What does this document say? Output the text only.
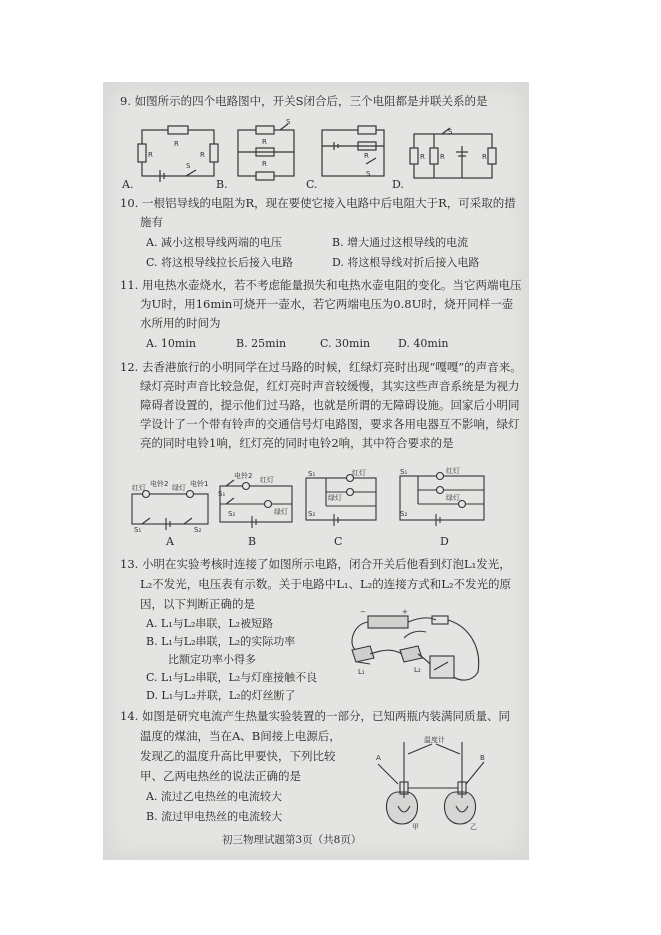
9. 如图所示的四个电路图中，开关S闭合后，三个电阻都是并联关系的是
R
R	R
S
A.
S
R
R
B.
R
S
C.
S
R R	R
D.
10. 一根铝导线的电阻为R，现在要使它接入电路中后电阻大于R，可采取的措
施有
A. 减小这根导线两端的电压	B. 增大通过这根导线的电流
C. 将这根导线拉长后接入电路	D. 将这根导线对折后接入电路
11. 用电热水壶烧水，若不考虑能量损失和电热水壶电阻的变化。当它两端电压
为U时，用16min可烧开一壶水，若它两端电压为0.8U时，烧开同样一壶
水所用的时间为
A. 10min	B. 25min	C. 30min	D. 40min
12. 去香港旅行的小明同学在过马路的时候，红绿灯亮时出现“嘎嘎”的声音来。
绿灯亮时声音比较急促，红灯亮时声音较缓慢，其实这些声音系统是为视力
障碍者设置的，提示他们过马路，也就是所谓的无障碍设施。回家后小明同
学设计了一个带有铃声的交通信号灯电路图，要求各用电器互不影响，绿灯
亮的同时电铃1响，红灯亮的同时电铃2响，其中符合要求的是
红灯 电铃2 绿灯 电铃1
S₁	S₂
A
电铃2 红灯
S₁
绿灯
S₂
B
S₁	红灯
绿灯
S₂
C
S₁	红灯
绿灯
S₂
D
13. 小明在实验考核时连接了如图所示电路，闭合开关后他看到灯泡L₁发光，
L₂不发光，电压表有示数。关于电路中L₁、L₂的连接方式和L₂不发光的原
因，以下判断正确的是
A. L₁与L₂串联，L₂被短路
B. L₁与L₂串联，L₂的实际功率
比额定功率小得多
C. L₁与L₂串联，L₂与灯座接触不良
D. L₁与L₂并联，L₂的灯丝断了
−	+
L₁	L₂
14. 如图是研究电流产生热量实验装置的一部分，已知两瓶内装满同质量、同
温度的煤油，当在A、B间接上电源后，
发现乙的温度升高比甲要快，下列比较
甲、乙两电热丝的说法正确的是
A. 流过乙电热丝的电流较大
B. 流过甲电热丝的电流较大
温度计
A	B
甲	乙
初三物理试题第3页（共8页）
